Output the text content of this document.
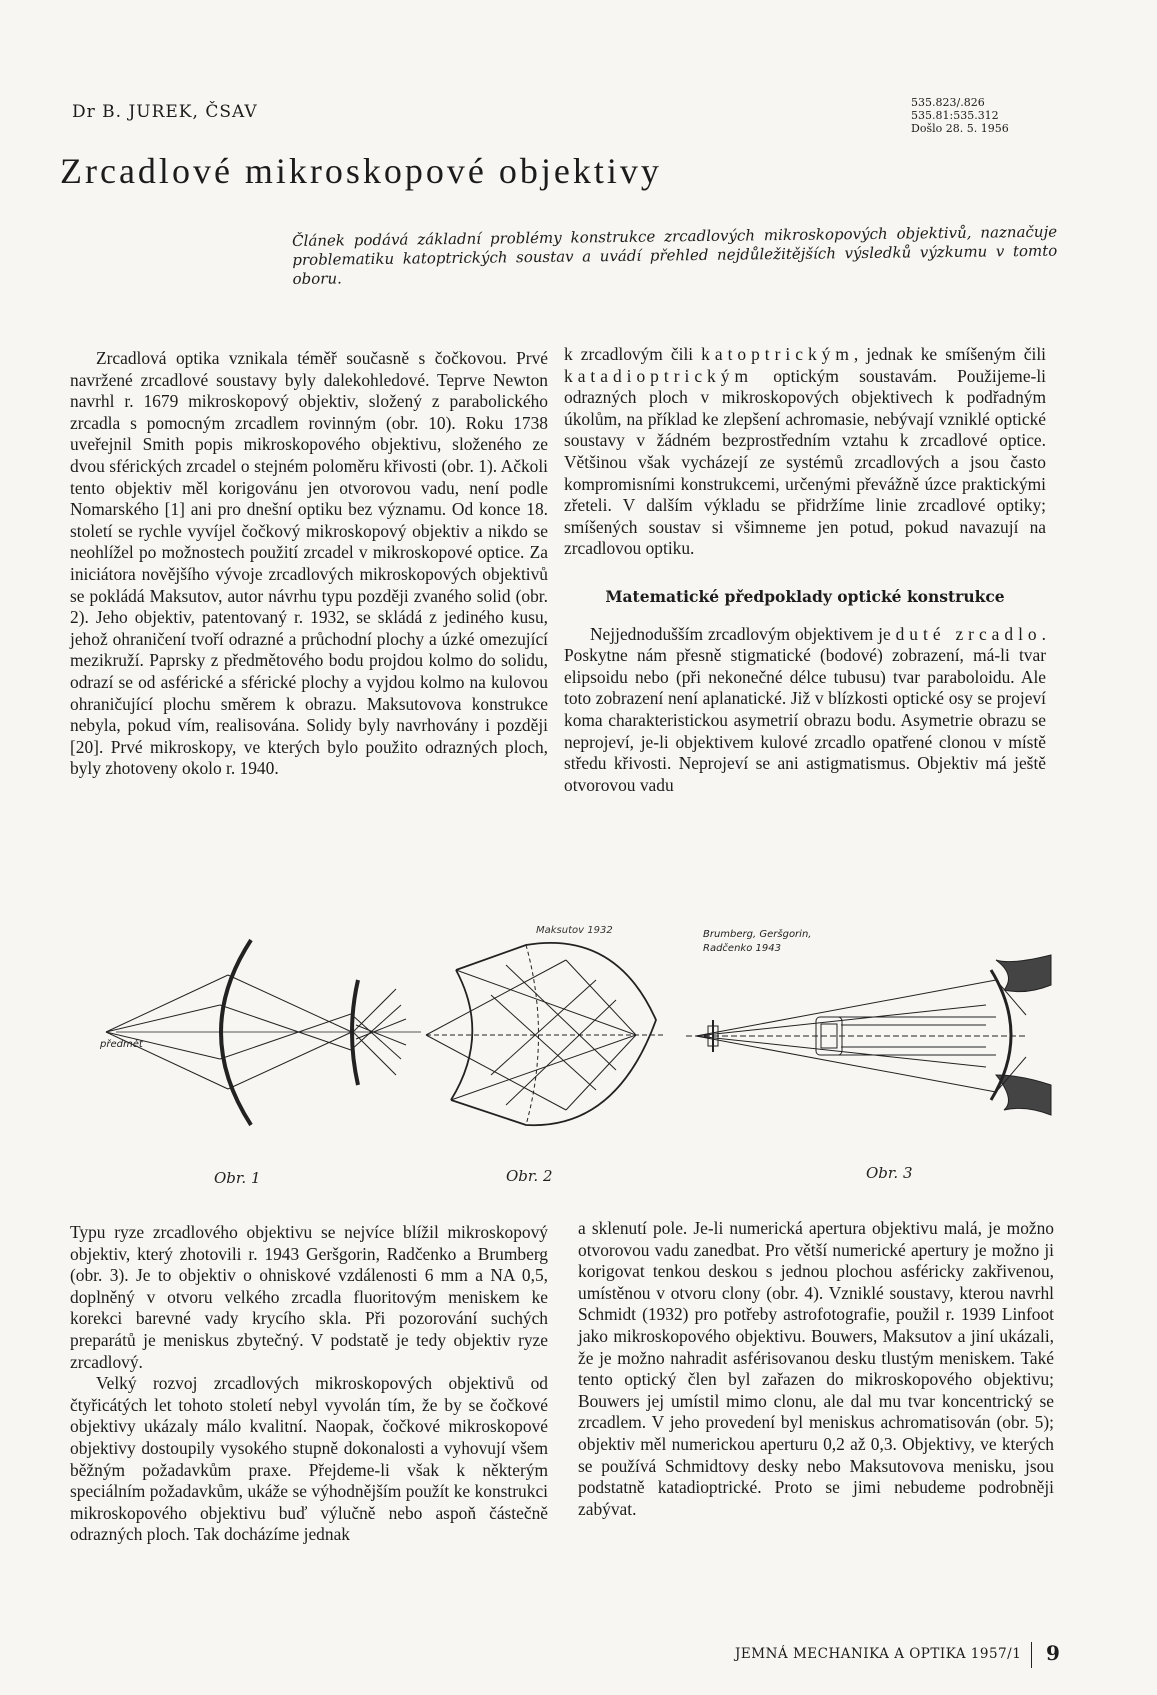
Dr B. JUREK, ČSAV	535.823/.826
535.81:535.312
Došlo 28. 5. 1956
Zrcadlové mikroskopové objektivy
Článek podává základní problémy konstrukce zrcadlových mikroskopových objektivů, naznačuje problematiku katoptrických soustav a uvádí přehled nejdůležitějších výsledků výzkumu v tomto oboru.

Zrcadlová optika vznikala téměř současně s čočkovou. Prvé navržené zrcadlové soustavy byly dalekohledové. Teprve Newton navrhl r. 1679 mikroskopový objektiv, složený z parabolického zrcadla s pomocným zrcadlem rovinným (obr. 10). Roku 1738 uveřejnil Smith popis mikroskopového objektivu, složeného ze dvou sférických zrcadel o stejném poloměru křivosti (obr. 1). Ačkoli tento objektiv měl korigovánu jen otvorovou vadu, není podle Nomarského [1] ani pro dnešní optiku bez významu. Od konce 18. století se rychle vyvíjel čočkový mikroskopový objektiv a nikdo se neohlížel po možnostech použití zrcadel v mikroskopové optice. Za iniciátora novějšího vývoje zrcadlových mikroskopových objektivů se pokládá Maksutov, autor návrhu typu později zvaného solid (obr. 2). Jeho objektiv, patentovaný r. 1932, se skládá z jediného kusu, jehož ohraničení tvoří odrazné a průchodní plochy a úzké omezující mezikruží. Paprsky z předmětového bodu projdou kolmo do solidu, odrazí se od asférické a sférické plochy a vyjdou kolmo na kulovou ohraničující plochu směrem k obrazu. Maksutovova konstrukce nebyla, pokud vím, realisována. Solidy byly navrhovány i později [20]. Prvé mikroskopy, ve kterých bylo použito odrazných ploch, byly zhotoveny okolo r. 1940.

k zrcadlovým čili katoptrickým, jednak ke smíšeným čili katadioptrickým optickým soustavám. Použijeme-li odrazných ploch v mikroskopových objektivech k podřadným úkolům, na příklad ke zlepšení achromasie, nebývají vzniklé optické soustavy v žádném bezprostředním vztahu k zrcadlové optice. Většinou však vycházejí ze systémů zrcadlových a jsou často kompromisními konstrukcemi, určenými převážně úzce praktickými zřeteli. V dalším výkladu se přidržíme linie zrcadlové optiky; smíšených soustav si všimneme jen potud, pokud navazují na zrcadlovou optiku.

Matematické předpoklady optické konstrukce

Nejjednodušším zrcadlovým objektivem je duté zrcadlo. Poskytne nám přesně stigmatické (bodové) zobrazení, má-li tvar elipsoidu nebo (při nekonečné délce tubusu) tvar paraboloidu. Ale toto zobrazení není aplanatické. Již v blízkosti optické osy se projeví koma charakteristickou asymetrií obrazu bodu. Asymetrie obrazu se neprojeví, je-li objektivem kulové zrcadlo opatřené clonou v místě středu křivosti. Neprojeví se ani astigmatismus. Objektiv má ještě otvorovou vadu

předmět
Obr. 1
Maksutov 1932
Obr. 2
Brumberg, Geršgorin,
Radčenko 1943
Obr. 3

Typu ryze zrcadlového objektivu se nejvíce blížil mikroskopový objektiv, který zhotovili r. 1943 Geršgorin, Radčenko a Brumberg (obr. 3). Je to objektiv o ohniskové vzdálenosti 6 mm a NA 0,5, doplněný v otvoru velkého zrcadla fluoritovým meniskem ke korekci barevné vady krycího skla. Při pozorování suchých preparátů je meniskus zbytečný. V podstatě je tedy objektiv ryze zrcadlový.

Velký rozvoj zrcadlových mikroskopových objektivů od čtyřicátých let tohoto století nebyl vyvolán tím, že by se čočkové objektivy ukázaly málo kvalitní. Naopak, čočkové mikroskopové objektivy dostoupily vysokého stupně dokonalosti a vyhovují všem běžným požadavkům praxe. Přejdeme-li však k některým speciálním požadavkům, ukáže se výhodnějším použít ke konstrukci mikroskopového objektivu buď výlučně nebo aspoň částečně odrazných ploch. Tak docházíme jednak

a sklenutí pole. Je-li numerická apertura objektivu malá, je možno otvorovou vadu zanedbat. Pro větší numerické apertury je možno ji korigovat tenkou deskou s jednou plochou asféricky zakřivenou, umístěnou v otvoru clony (obr. 4). Vzniklé soustavy, kterou navrhl Schmidt (1932) pro potřeby astrofotografie, použil r. 1939 Linfoot jako mikroskopového objektivu. Bouwers, Maksutov a jiní ukázali, že je možno nahradit asférisovanou desku tlustým meniskem. Také tento optický člen byl zařazen do mikroskopového objektivu; Bouwers jej umístil mimo clonu, ale dal mu tvar koncentrický se zrcadlem. V jeho provedení byl meniskus achromatisován (obr. 5); objektiv měl numerickou aperturu 0,2 až 0,3. Objektivy, ve kterých se používá Schmidtovy desky nebo Maksutovova menisku, jsou podstatně katadioptrické. Proto se jimi nebudeme podrobněji zabývat.

JEMNÁ MECHANIKA A OPTIKA 1957/1 9
